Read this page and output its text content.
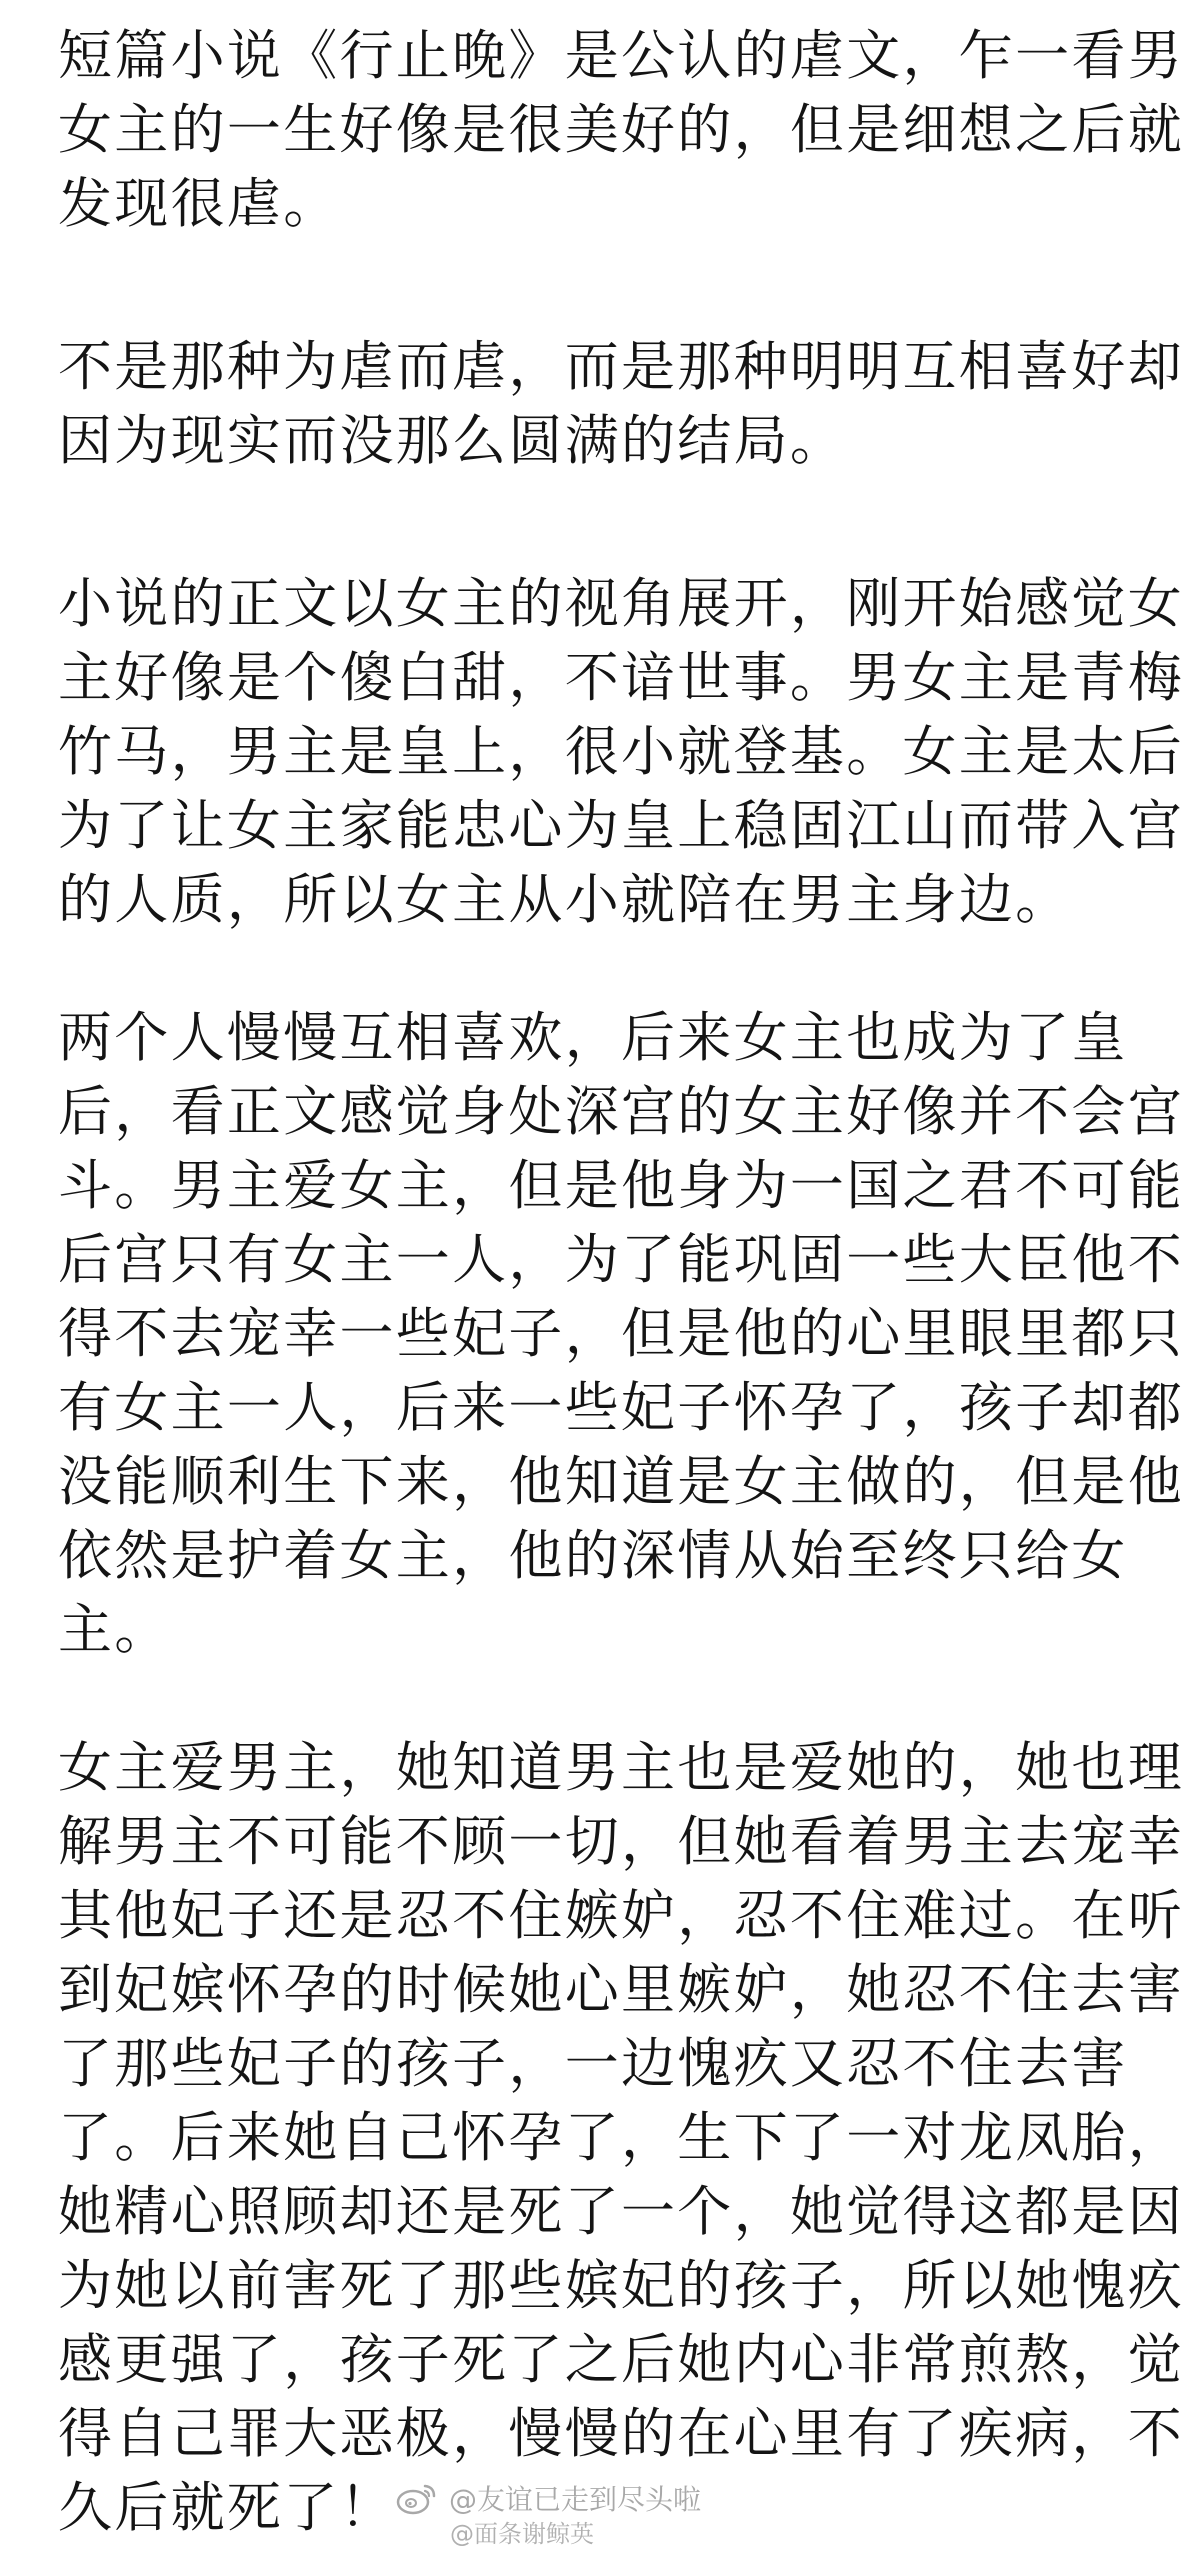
短篇小说《行止晚》是公认的虐文，乍一看男
女主的一生好像是很美好的，但是细想之后就
发现很虐。
不是那种为虐而虐，而是那种明明互相喜好却
因为现实而没那么圆满的结局。
小说的正文以女主的视角展开，刚开始感觉女
主好像是个傻白甜，不谙世事。男女主是青梅
竹马，男主是皇上，很小就登基。女主是太后
为了让女主家能忠心为皇上稳固江山而带入宫
的人质，所以女主从小就陪在男主身边。
两个人慢慢互相喜欢，后来女主也成为了皇
后，看正文感觉身处深宫的女主好像并不会宫
斗。男主爱女主，但是他身为一国之君不可能
后宫只有女主一人，为了能巩固一些大臣他不
得不去宠幸一些妃子，但是他的心里眼里都只
有女主一人，后来一些妃子怀孕了，孩子却都
没能顺利生下来，他知道是女主做的，但是他
依然是护着女主，他的深情从始至终只给女
主。
女主爱男主，她知道男主也是爱她的，她也理
解男主不可能不顾一切，但她看着男主去宠幸
其他妃子还是忍不住嫉妒，忍不住难过。在听
到妃嫔怀孕的时候她心里嫉妒，她忍不住去害
了那些妃子的孩子，一边愧疚又忍不住去害
了。后来她自己怀孕了，生下了一对龙凤胎，
她精心照顾却还是死了一个，她觉得这都是因
为她以前害死了那些嫔妃的孩子，所以她愧疚
感更强了，孩子死了之后她内心非常煎熬，觉
得自己罪大恶极，慢慢的在心里有了疾病，不
久后就死了！ @友谊已走到尽头啦
@面条谢鲸英
